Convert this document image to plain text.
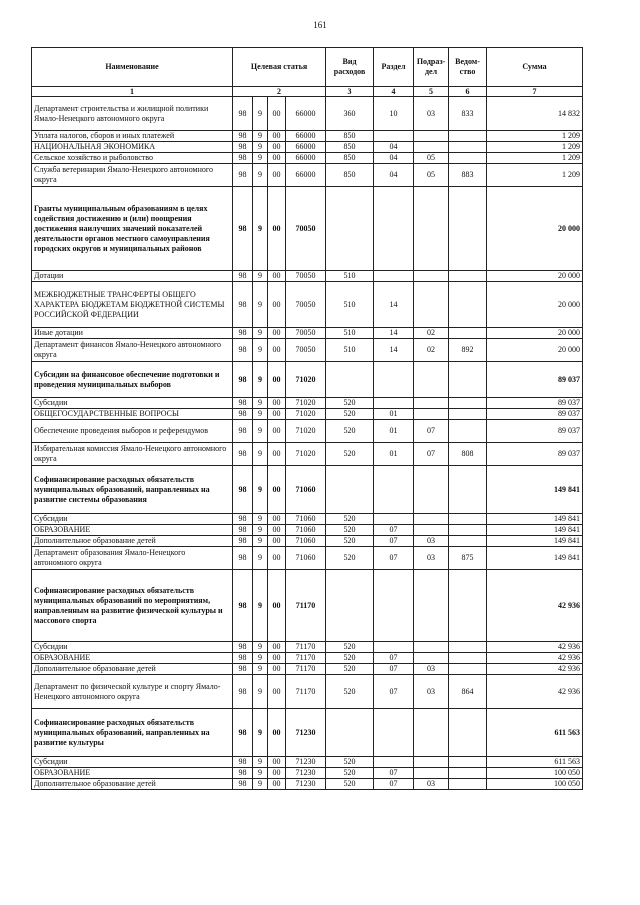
161
Наименование	Целевая статья				Вид расходов	Раздел	Подраз-дел	Ведом-ство	Сумма
1	2				3	4	5	6	7
Департамент строительства и жилищной политики Ямало-Ненецкого автономного округа	98	9	00	66000	360	10	03	833	14 832
Уплата налогов, сборов и иных платежей	98	9	00	66000	850				1 209
НАЦИОНАЛЬНАЯ ЭКОНОМИКА	98	9	00	66000	850	04			1 209
Сельское хозяйство и рыболовство	98	9	00	66000	850	04	05		1 209
Служба ветеринарии Ямало-Ненецкого автономного округа	98	9	00	66000	850	04	05	883	1 209
Гранты муниципальным образованиям в целях содействия достижению и (или) поощрения достижения наилучших значений показателей деятельности органов местного самоуправления городских округов и муниципальных районов	98	9	00	70050					20 000
Дотации	98	9	00	70050	510				20 000
МЕЖБЮДЖЕТНЫЕ ТРАНСФЕРТЫ ОБЩЕГО ХАРАКТЕРА БЮДЖЕТАМ БЮДЖЕТНОЙ СИСТЕМЫ РОССИЙСКОЙ ФЕДЕРАЦИИ	98	9	00	70050	510	14			20 000
Иные дотации	98	9	00	70050	510	14	02		20 000
Департамент финансов Ямало-Ненецкого автономного округа	98	9	00	70050	510	14	02	892	20 000
Субсидии на финансовое обеспечение подготовки и проведения муниципальных выборов	98	9	00	71020					89 037
Субсидии	98	9	00	71020	520				89 037
ОБЩЕГОСУДАРСТВЕННЫЕ ВОПРОСЫ	98	9	00	71020	520	01			89 037
Обеспечение проведения выборов и референдумов	98	9	00	71020	520	01	07		89 037
Избирательная комиссия Ямало-Ненецкого автономного округа	98	9	00	71020	520	01	07	808	89 037
Софинансирование расходных обязательств муниципальных образований, направленных на развитие системы образования	98	9	00	71060					149 841
Субсидии	98	9	00	71060	520				149 841
ОБРАЗОВАНИЕ	98	9	00	71060	520	07			149 841
Дополнительное образование детей	98	9	00	71060	520	07	03		149 841
Департамент образования Ямало-Ненецкого автономного округа	98	9	00	71060	520	07	03	875	149 841
Софинансирование расходных обязательств муниципальных образований по мероприятиям, направленным на развитие физической культуры и массового спорта	98	9	00	71170					42 936
Субсидии	98	9	00	71170	520				42 936
ОБРАЗОВАНИЕ	98	9	00	71170	520	07			42 936
Дополнительное образование детей	98	9	00	71170	520	07	03		42 936
Департамент по физической культуре и спорту Ямало-Ненецкого автономного округа	98	9	00	71170	520	07	03	864	42 936
Софинансирование расходных обязательств муниципальных образований, направленных на развитие культуры	98	9	00	71230					611 563
Субсидии	98	9	00	71230	520				611 563
ОБРАЗОВАНИЕ	98	9	00	71230	520	07			100 050
Дополнительное образование детей	98	9	00	71230	520	07	03		100 050
